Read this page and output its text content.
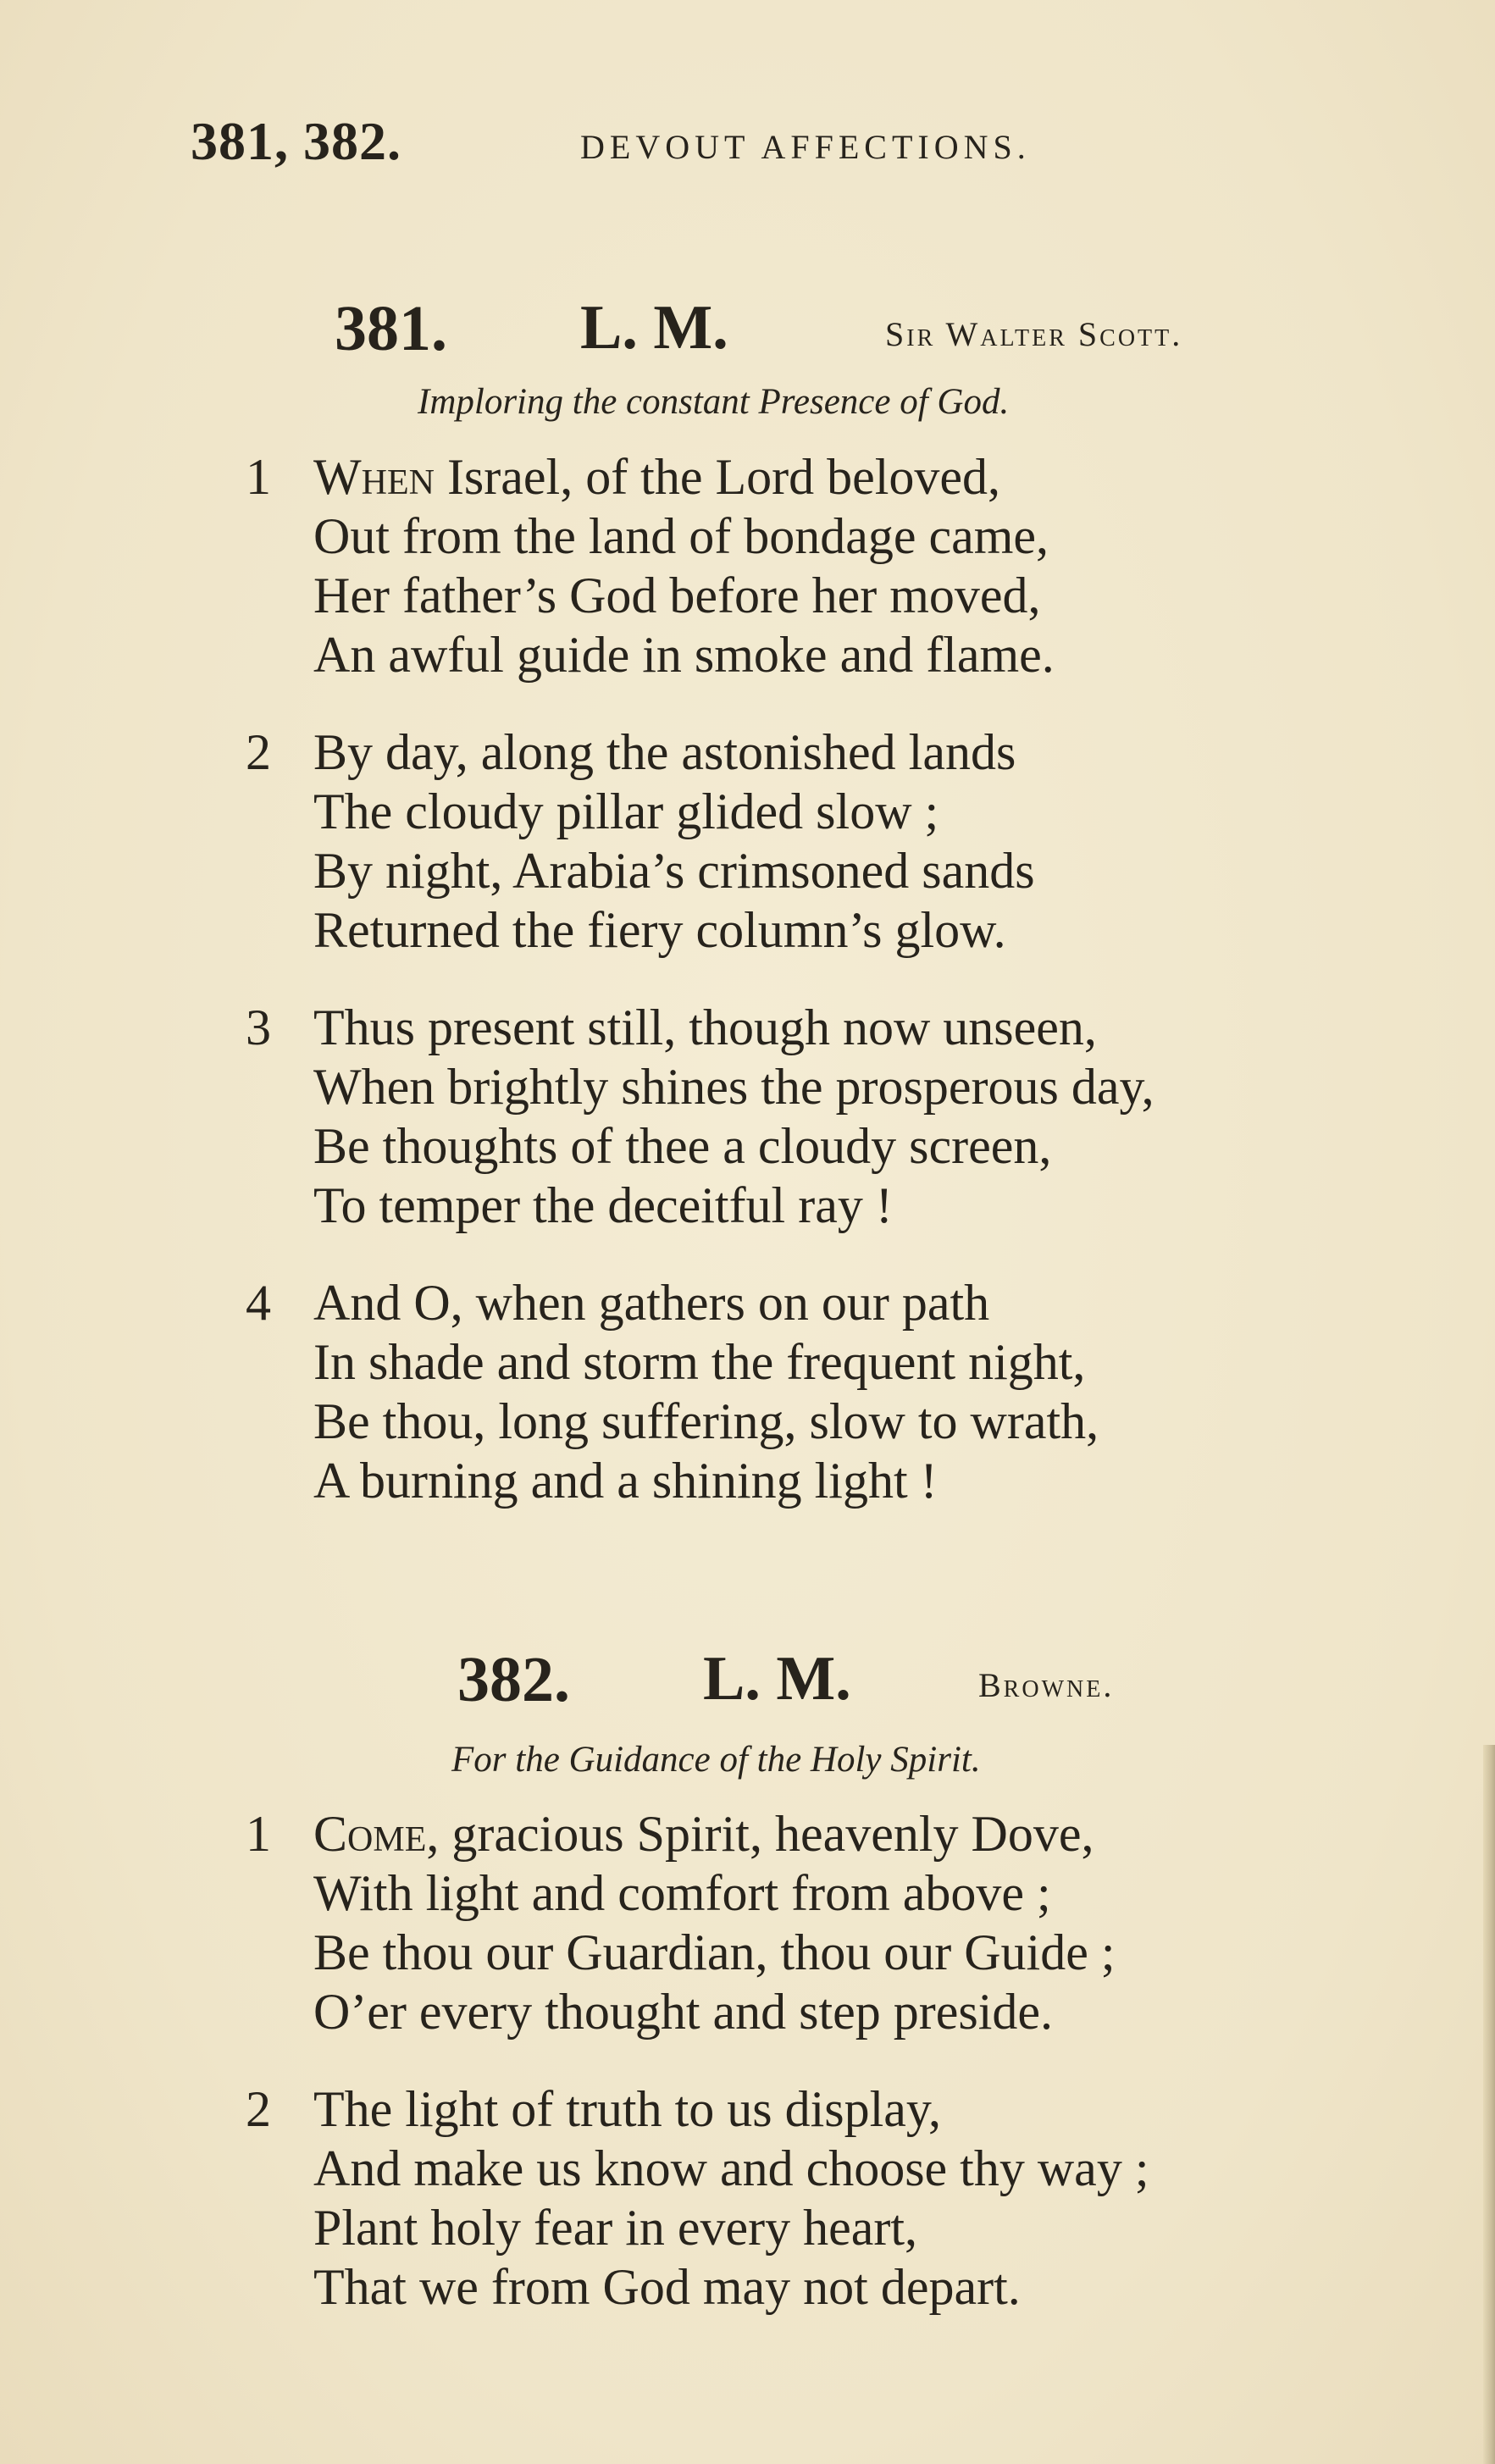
381, 382.	DEVOUT AFFECTIONS.
381. L. M.	Sir Walter Scott.
Imploring the constant Presence of God.
1 When Israel, of the Lord beloved,
Out from the land of bondage came,
Her father’s God before her moved,
An awful guide in smoke and flame.
2 By day, along the astonished lands
The cloudy pillar glided slow ;
By night, Arabia’s crimsoned sands
Returned the fiery column’s glow.
3 Thus present still, though now unseen,
When brightly shines the prosperous day,
Be thoughts of thee a cloudy screen,
To temper the deceitful ray !
4 And O, when gathers on our path
In shade and storm the frequent night,
Be thou, long suffering, slow to wrath,
A burning and a shining light !
382. L. M.	Browne.
For the Guidance of the Holy Spirit.
1 Come, gracious Spirit, heavenly Dove,
With light and comfort from above ;
Be thou our Guardian, thou our Guide ;
O’er every thought and step preside.
2 The light of truth to us display,
And make us know and choose thy way ;
Plant holy fear in every heart,
That we from God may not depart.
